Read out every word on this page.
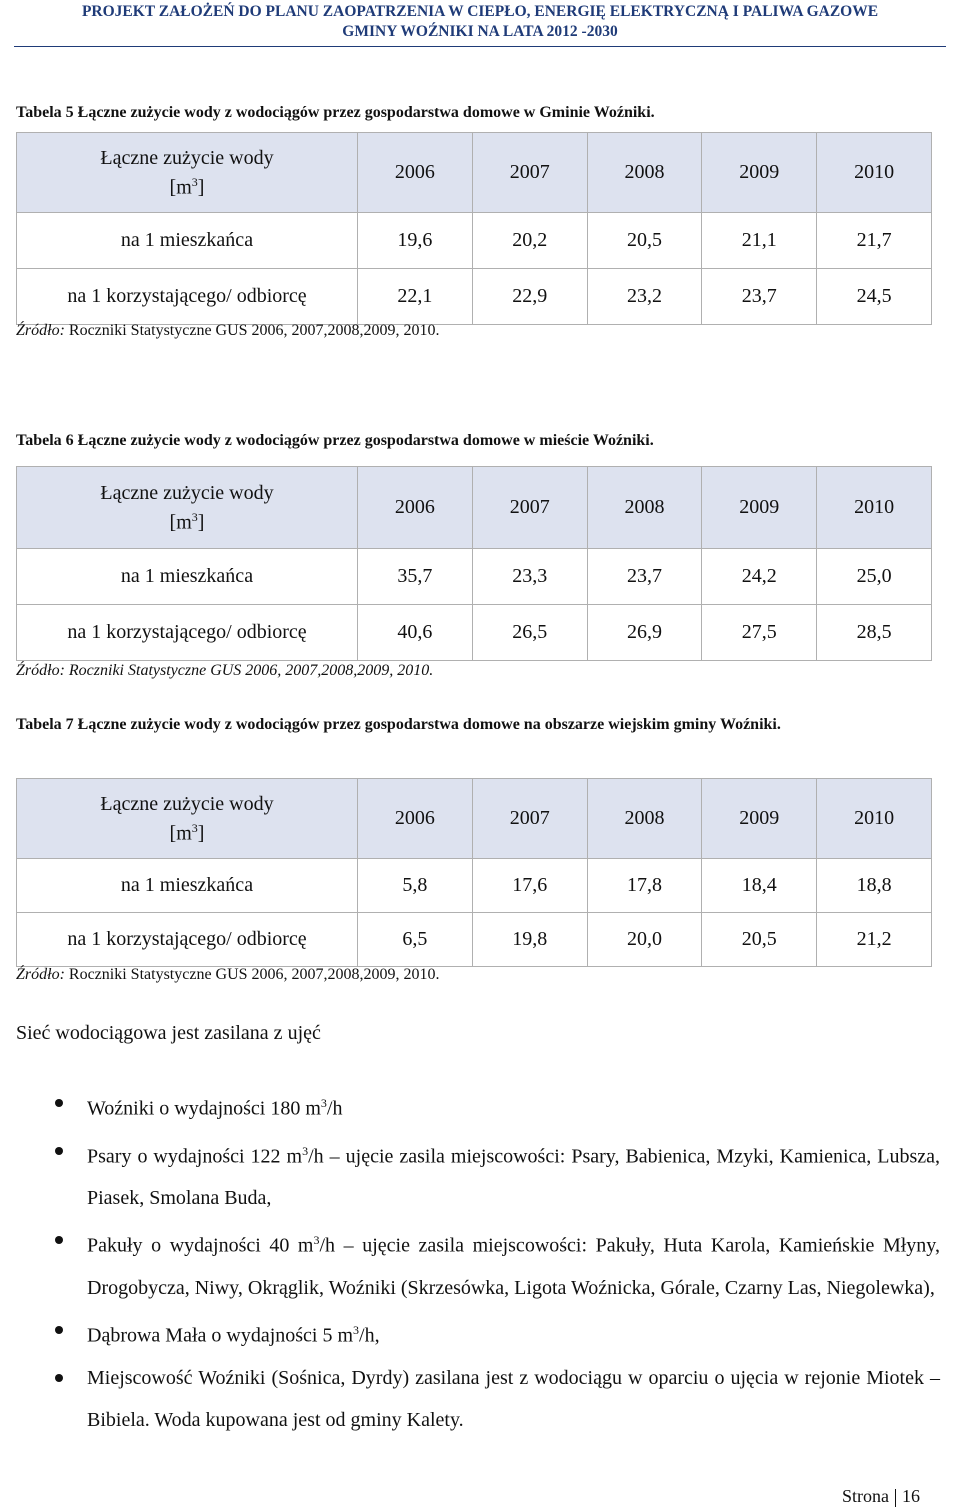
PROJEKT ZAŁOŻEŃ DO PLANU ZAOPATRZENIA W CIEPŁO, ENERGIĘ ELEKTRYCZNĄ I PALIWA GAZOWE
GMINY WOŹNIKI NA LATA 2012 -2030
Tabela 5 Łączne zużycie wody z wodociągów przez gospodarstwa domowe w Gminie Woźniki.
Łączne zużycie wody
$[m^3]$	2006	2007	2008	2009	2010
na 1 mieszkańca	19,6	20,2	20,5	21,1	21,7
na 1 korzystającego/ odbiorcę	22,1	22,9	23,2	23,7	24,5
Źródło: Roczniki Statystyczne GUS 2006, 2007,2008,2009, 2010.
Tabela 6 Łączne zużycie wody z wodociągów przez gospodarstwa domowe w mieście Woźniki.
Łączne zużycie wody
$[m^3]$	2006	2007	2008	2009	2010
na 1 mieszkańca	35,7	23,3	23,7	24,2	25,0
na 1 korzystającego/ odbiorcę	40,6	26,5	26,9	27,5	28,5
Źródło: Roczniki Statystyczne GUS 2006, 2007,2008,2009, 2010.
Tabela 7 Łączne zużycie wody z wodociągów przez gospodarstwa domowe na obszarze wiejskim gminy Woźniki.
Łączne zużycie wody
$[m^3]$	2006	2007	2008	2009	2010
na 1 mieszkańca	5,8	17,6	17,8	18,4	18,8
na 1 korzystającego/ odbiorcę	6,5	19,8	20,0	20,5	21,2
Źródło: Roczniki Statystyczne GUS 2006, 2007,2008,2009, 2010.
Sieć wodociągowa jest zasilana z ujęć
Woźniki o wydajności 180 $m^3/h$
Psary o wydajności 122 $m^3/h$ – ujęcie zasila miejscowości: Psary, Babienica, Mzyki, Kamienica, Lubsza, Piasek, Smolana Buda,
Pakuły o wydajności 40 $m^3/h$ – ujęcie zasila miejscowości: Pakuły, Huta Karola, Kamieńskie Młyny, Drogobycza, Niwy, Okrąglik, Woźniki (Skrzesówka, Ligota Woźnicka, Górale, Czarny Las, Niegolewka),
Dąbrowa Mała o wydajności 5 $m^3/h$,
Miejscowość Woźniki (Sośnica, Dyrdy) zasilana jest z wodociągu w oparciu o ujęcia w rejonie Miotek – Bibiela. Woda kupowana jest od gminy Kalety.
Strona 16
